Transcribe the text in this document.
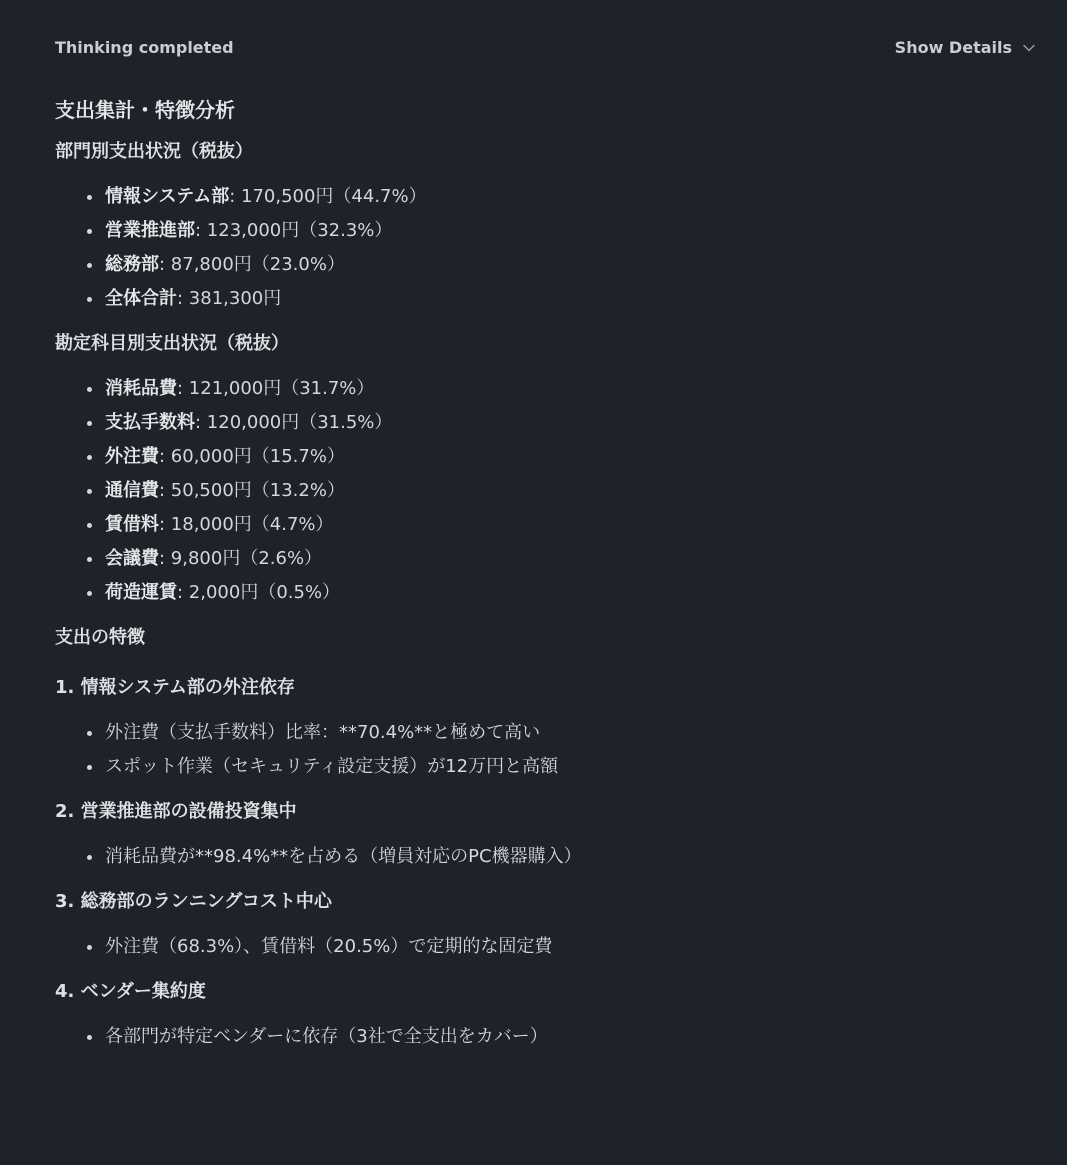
Thinking completed	Show Details
支出集計・特徴分析
部門別支出状況（税抜）
情報システム部: 170,500円（44.7%）
営業推進部: 123,000円（32.3%）
総務部: 87,800円（23.0%）
全体合計: 381,300円
勘定科目別支出状況（税抜）
消耗品費: 121,000円（31.7%）
支払手数料: 120,000円（31.5%）
外注費: 60,000円（15.7%）
通信費: 50,500円（13.2%）
賃借料: 18,000円（4.7%）
会議費: 9,800円（2.6%）
荷造運賃: 2,000円（0.5%）
支出の特徴
1. 情報システム部の外注依存
外注費（支払手数料）比率：**70.4%**と極めて高い
スポット作業（セキュリティ設定支援）が12万円と高額
2. 営業推進部の設備投資集中
消耗品費が**98.4%**を占める（増員対応のPC機器購入）
3. 総務部のランニングコスト中心
外注費（68.3%）、賃借料（20.5%）で定期的な固定費
4. ベンダー集約度
各部門が特定ベンダーに依存（3社で全支出をカバー）
